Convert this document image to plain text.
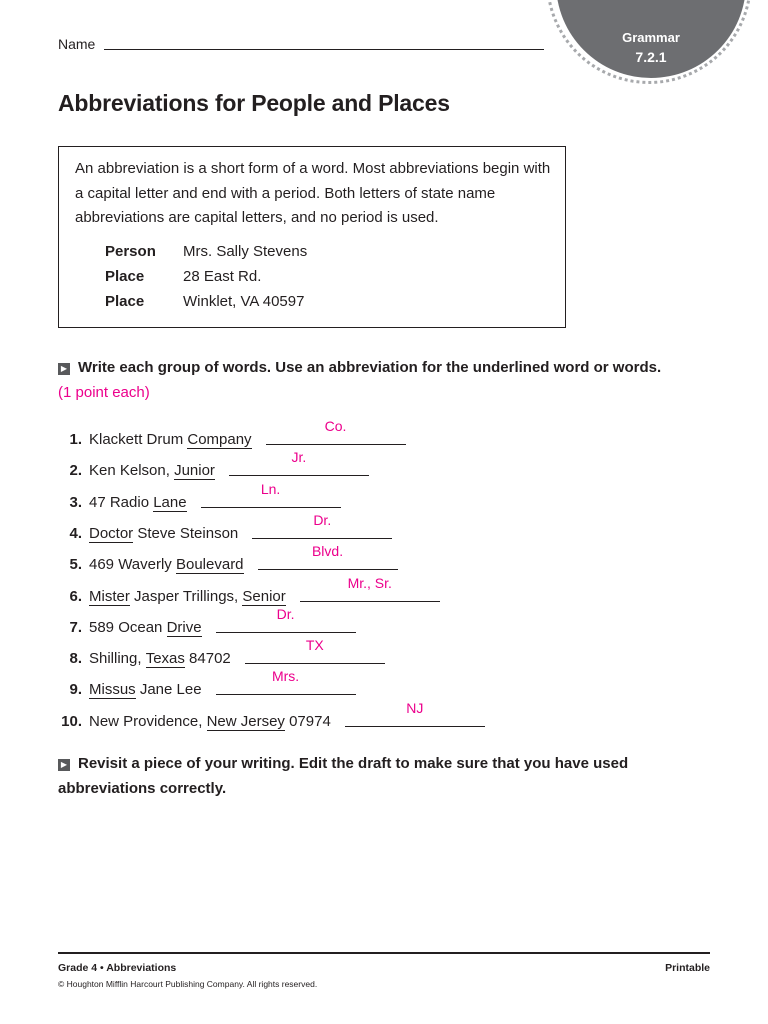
Grammar
7.2.1
Name
Abbreviations for People and Places
An abbreviation is a short form of a word. Most abbreviations begin with a capital letter and end with a period. Both letters of state name abbreviations are capital letters, and no period is used.
Person Mrs. Sally Stevens
Place	28 East Rd.
Place	Winklet, VA 40597
▶ Write each group of words. Use an abbreviation for the underlined word or words. (1 point each)
1. Klackett Drum Company
Co.
2. Ken Kelson, Junior
Jr.
3. 47 Radio Lane
Ln.
4. Doctor Steve Steinson
Dr.
5. 469 Waverly Boulevard
Blvd.
6. Mister Jasper Trillings, Senior
Mr., Sr.
7. 589 Ocean Drive
Dr.
8. Shilling, Texas 84702
TX
9. Missus Jane Lee
Mrs.
10. New Providence, New Jersey 07974
NJ
▶ Revisit a piece of your writing. Edit the draft to make sure that you have used abbreviations correctly.
Grade 4 • Abbreviations	Printable
© Houghton Mifflin Harcourt Publishing Company. All rights reserved.
